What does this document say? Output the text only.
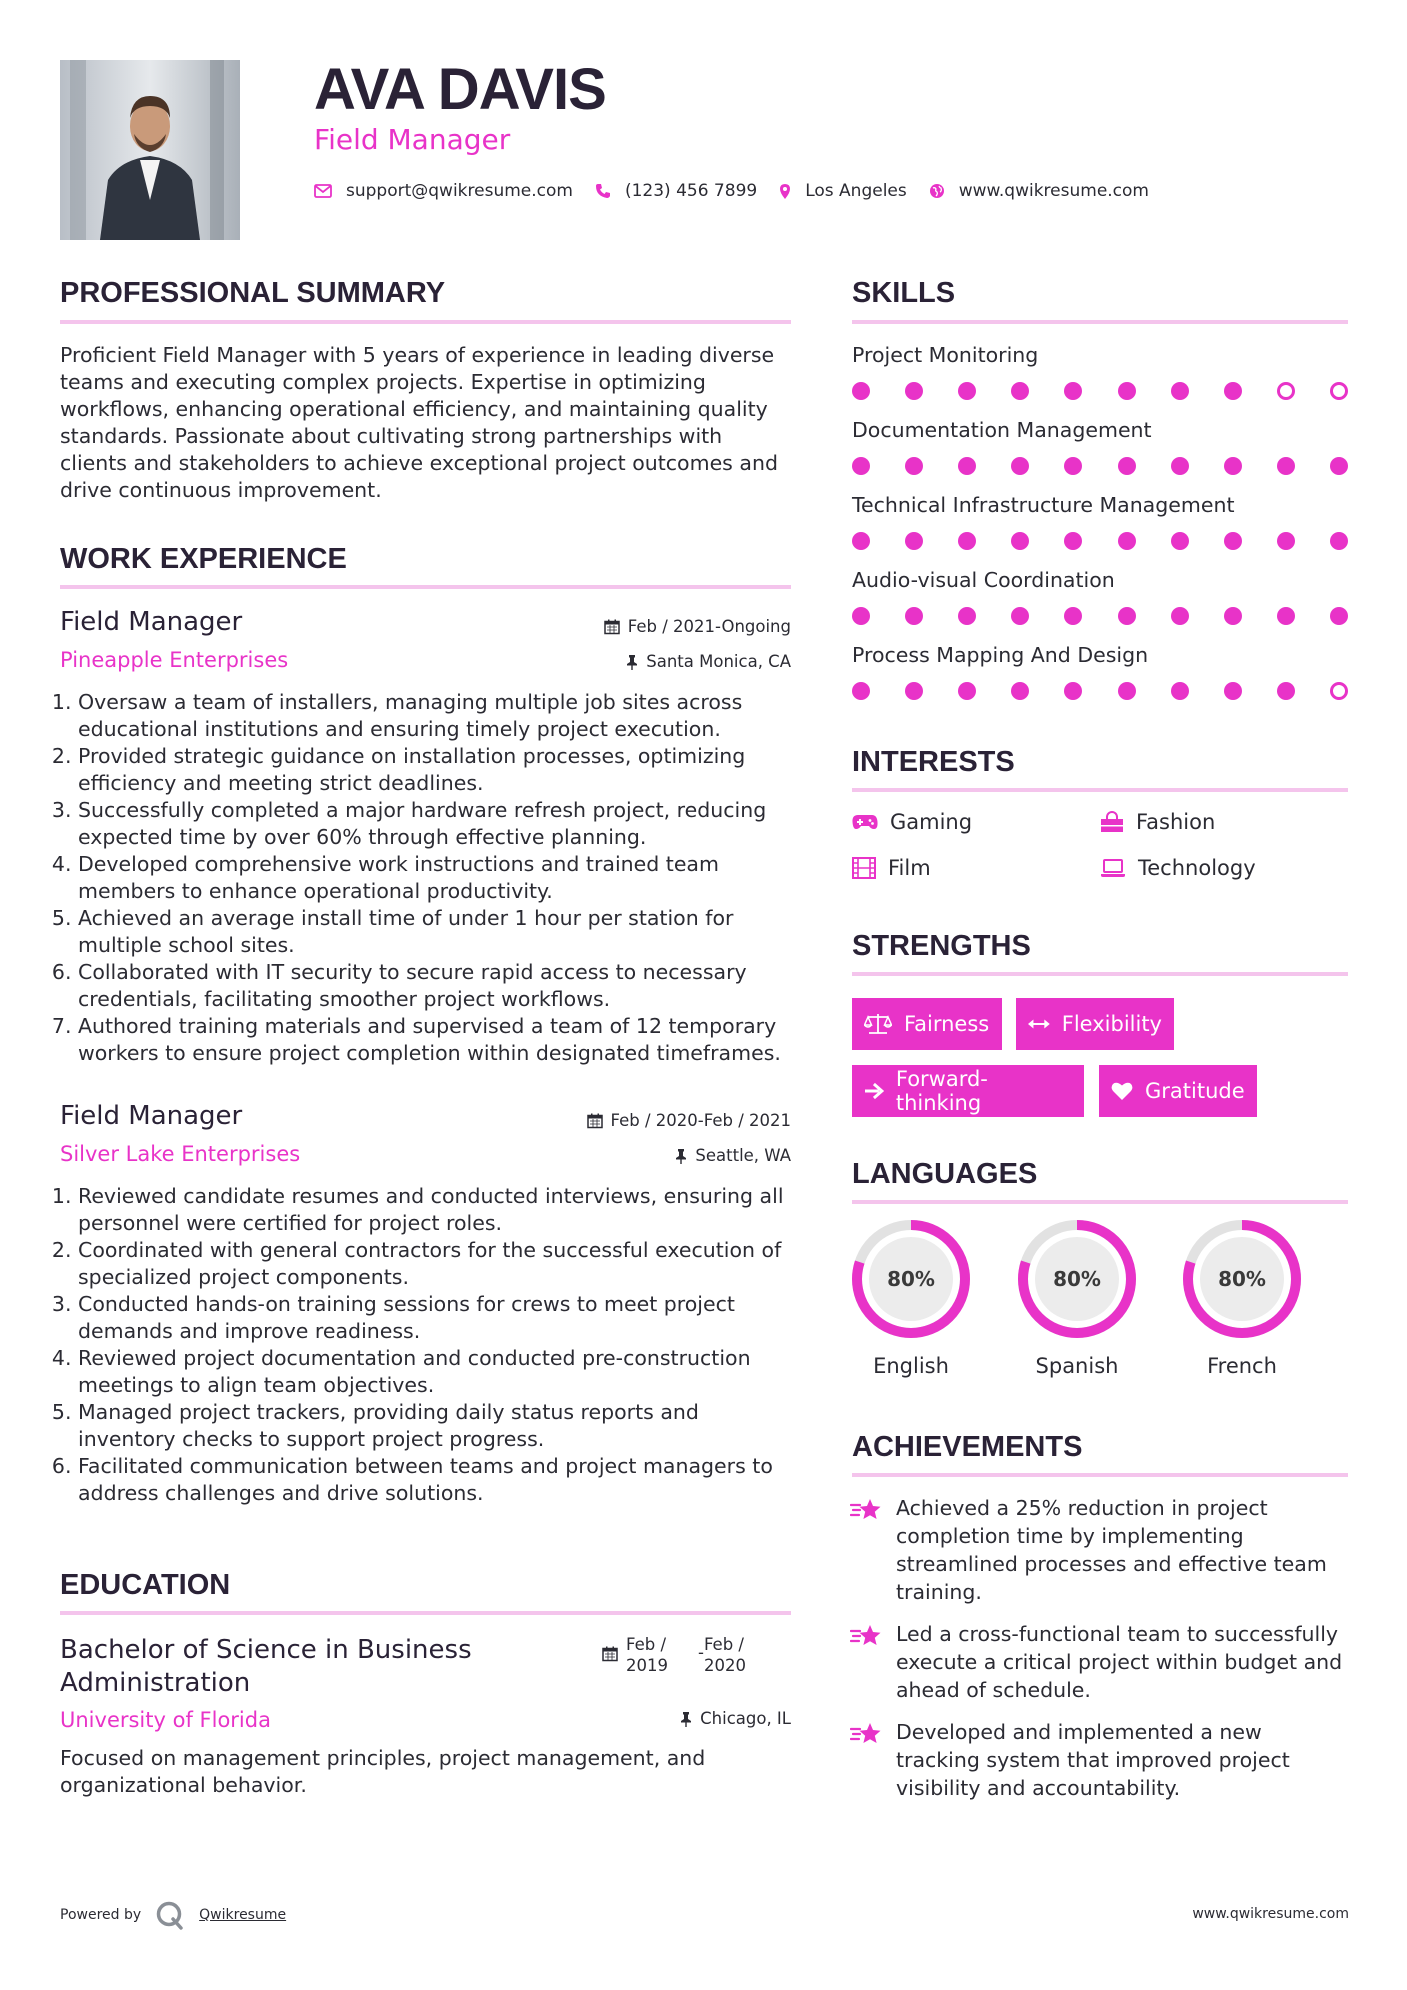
AVA DAVIS
Field Manager
support@qwikresume.com	(123) 456 7899	Los Angeles	www.qwikresume.com
PROFESSIONAL SUMMARY
Proficient Field Manager with 5 years of experience in leading diverse
teams and executing complex projects. Expertise in optimizing
workflows, enhancing operational efficiency, and maintaining quality
standards. Passionate about cultivating strong partnerships with
clients and stakeholders to achieve exceptional project outcomes and
drive continuous improvement.
WORK EXPERIENCE
Field Manager
Pineapple Enterprises
Feb / 2021-Ongoing
Santa Monica, CA
1. Oversaw a team of installers, managing multiple job sites across
educational institutions and ensuring timely project execution.
2. Provided strategic guidance on installation processes, optimizing
efficiency and meeting strict deadlines.
3. Successfully completed a major hardware refresh project, reducing
expected time by over 60% through effective planning.
4. Developed comprehensive work instructions and trained team
members to enhance operational productivity.
5. Achieved an average install time of under 1 hour per station for
multiple school sites.
6. Collaborated with IT security to secure rapid access to necessary
credentials, facilitating smoother project workflows.
7. Authored training materials and supervised a team of 12 temporary
workers to ensure project completion within designated timeframes.
Field Manager
Silver Lake Enterprises
Feb / 2020-Feb / 2021
Seattle, WA
1. Reviewed candidate resumes and conducted interviews, ensuring all
personnel were certified for project roles.
2. Coordinated with general contractors for the successful execution of
specialized project components.
3. Conducted hands-on training sessions for crews to meet project
demands and improve readiness.
4. Reviewed project documentation and conducted pre-construction
meetings to align team objectives.
5. Managed project trackers, providing daily status reports and
inventory checks to support project progress.
6. Facilitated communication between teams and project managers to
address challenges and drive solutions.
EDUCATION
Bachelor of Science in Business
Administration
University of Florida
Feb /
2019
- Feb /
2020
Chicago, IL
Focused on management principles, project management, and
organizational behavior.
SKILLS
Project Monitoring
Documentation Management
Technical Infrastructure Management
Audio-visual Coordination
Process Mapping And Design
INTERESTS
Gaming	Fashion
Film	Technology
STRENGTHS
Fairness	Flexibility
Forward-thinking	Gratitude
LANGUAGES
80%
English
80%
Spanish
80%
French
ACHIEVEMENTS
Achieved a 25% reduction in project
completion time by implementing
streamlined processes and effective team
training.
Led a cross-functional team to successfully
execute a critical project within budget and
ahead of schedule.
Developed and implemented a new
tracking system that improved project
visibility and accountability.
Powered by	Qwikresume	www.qwikresume.com
